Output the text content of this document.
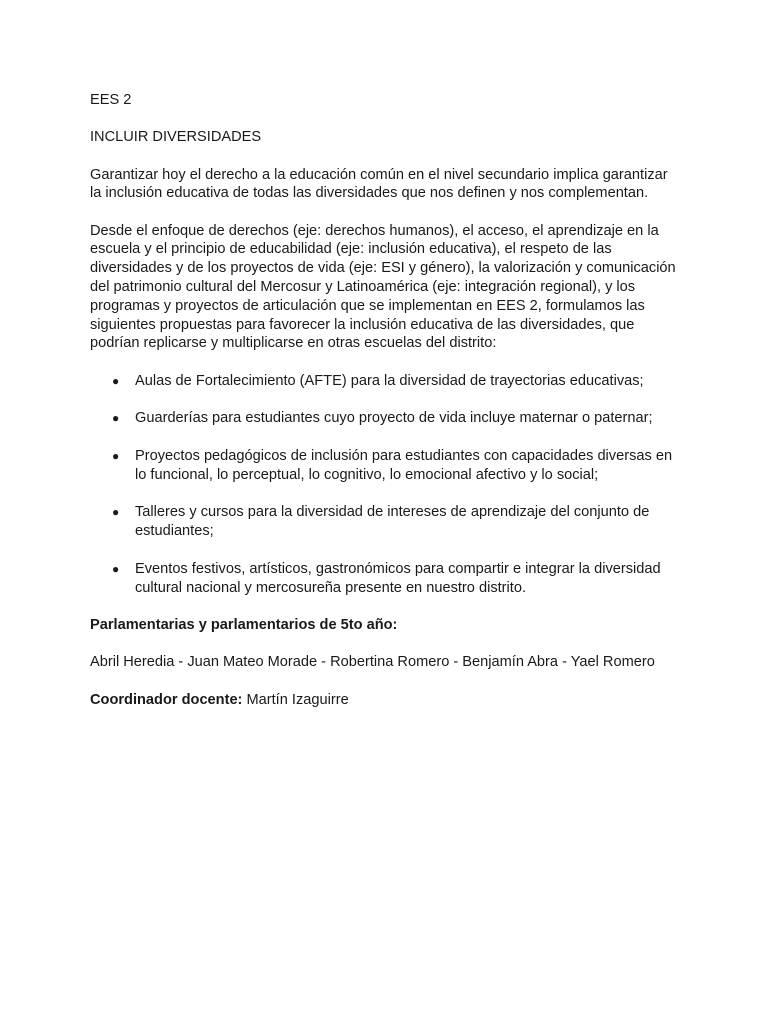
EES 2

INCLUIR DIVERSIDADES

Garantizar hoy el derecho a la educación común en el nivel secundario implica garantizar la inclusión educativa de todas las diversidades que nos definen y nos complementan.

Desde el enfoque de derechos (eje: derechos humanos), el acceso, el aprendizaje en la escuela y el principio de educabilidad (eje: inclusión educativa), el respeto de las diversidades y de los proyectos de vida (eje: ESI y género), la valorización y comunicación del patrimonio cultural del Mercosur y Latinoamérica (eje: integración regional), y los programas y proyectos de articulación que se implementan en EES 2, formulamos las siguientes propuestas para favorecer la inclusión educativa de las diversidades, que podrían replicarse y multiplicarse en otras escuelas del distrito:

● Aulas de Fortalecimiento (AFTE) para la diversidad de trayectorias educativas;
● Guarderías para estudiantes cuyo proyecto de vida incluye maternar o paternar;
● Proyectos pedagógicos de inclusión para estudiantes con capacidades diversas en lo funcional, lo perceptual, lo cognitivo, lo emocional afectivo y lo social;
● Talleres y cursos para la diversidad de intereses de aprendizaje del conjunto de estudiantes;
● Eventos festivos, artísticos, gastronómicos para compartir e integrar la diversidad cultural nacional y mercosureña presente en nuestro distrito.

Parlamentarias y parlamentarios de 5to año:

Abril Heredia - Juan Mateo Morade - Robertina Romero - Benjamín Abra - Yael Romero

Coordinador docente: Martín Izaguirre
